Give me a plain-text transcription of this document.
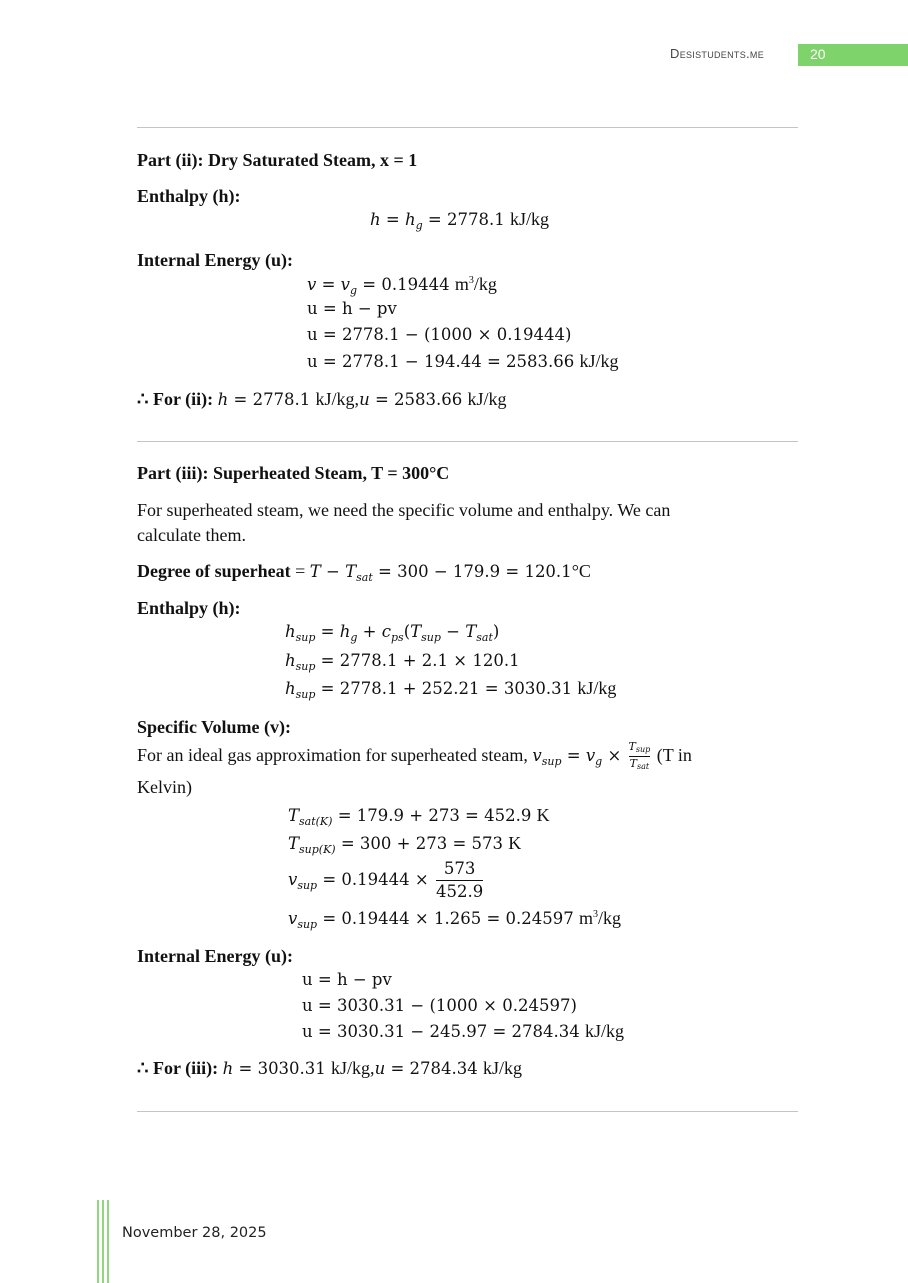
Desistudents.me	20
Part (ii): Dry Saturated Steam, x = 1
Enthalpy (h):
$h = h_g = 2778.1$ kJ/kg
Internal Energy (u):
$v = v_g = 0.19444$ $m^3/kg$
u = h − pv
u = 2778.1 − (1000 × 0.19444)
u = 2778.1 − 194.44 = 2583.66 kJ/kg
∴ For (ii): h = 2778.1 kJ/kg,u = 2583.66 kJ/kg
Part (iii): Superheated Steam, T = 300°C
For superheated steam, we need the specific volume and enthalpy. We can
calculate them.
Degree of superheat = $T - T_{sat} = 300 - 179.9 = 120.1^\circ C$
Enthalpy (h):
$h_{sup} = h_g + c_{ps}(T_{sup} - T_{sat})$
$h_{sup} = 2778.1 + 2.1 \times 120.1$
$h_{sup} = 2778.1 + 252.21 = 3030.31$ kJ/kg
Specific Volume (v):
For an ideal gas approximation for superheated steam, $v_{sup} = v_g \times \frac{T_{sup}}{T_{sat}} (T$ in
Kelvin)
$T_{sat(K)} = 179.9 + 273 = 452.9$ K
$T_{sup(K)} = 300 + 273 = 573$ K
$v_{sup} = 0.19444 \times \frac{573}{452.9}$
$v_{sup} = 0.19444 \times 1.265 = 0.24597$ $m^3/kg$
Internal Energy (u):
u = h − pv
u = 3030.31 − (1000 × 0.24597)
u = 3030.31 − 245.97 = 2784.34 kJ/kg
∴ For (iii): h = 3030.31 kJ/kg,u = 2784.34 kJ/kg
November 28, 2025
